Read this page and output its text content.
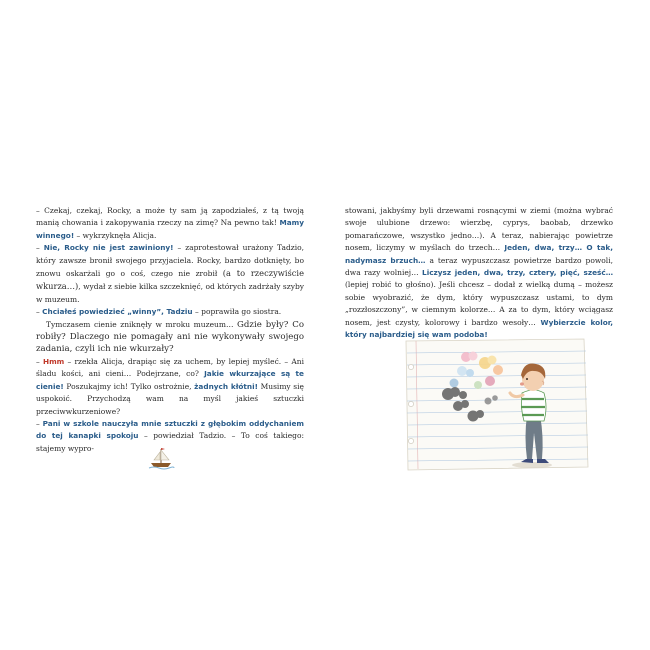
– Czekaj, czekaj, Rocky, a może ty sam ją zapodziałeś, z tą twoją manią chowania i zakopywania rzeczy na zimę? Na pewno tak! Mamy winnego! – wykrzyknęła Alicja.

– Nie, Rocky nie jest zawiniony! – zaprotestował urażony Tadzio, który zawsze bronił swojego przyjaciela. Rocky, bardzo dotknięty, bo znowu oskarżali go o coś, czego nie zrobił (a to rzeczywiście wkurza…), wydał z siebie kilka szczeknięć, od których zadrżały szyby w muzeum.

– Chciałeś powiedzieć „winny”, Tadziu – poprawiła go siostra.

Tymczasem cienie zniknęły w mroku muzeum… Gdzie były? Co robiły? Dlaczego nie pomagały ani nie wykonywały swojego zadania, czyli ich nie wkurzały?

– Hmm – rzekła Alicja, drapiąc się za uchem, by lepiej myśleć. – Ani śladu kości, ani cieni… Podejrzane, co? Jakie wkurzające są te cienie! Poszukajmy ich! Tylko ostrożnie, żadnych kłótni! Musimy się uspokoić. Przychodzą wam na myśl jakieś sztuczki przeciwwkurzeniowe?

– Pani w szkole nauczyła mnie sztuczki z głębokim oddychaniem do tej kanapki spokoju – powiedział Tadzio. – To coś takiego: stajemy wypro-

stowani, jakbyśmy byli drzewami rosnącymi w ziemi (można wybrać swoje ulubione drzewo: wierzbę, cyprys, baobab, drzewko pomarańczowe, wszystko jedno…). A teraz, nabierając powietrze nosem, liczymy w myślach do trzech… Jeden, dwa, trzy… O tak, nadymasz brzuch… a teraz wypuszczasz powietrze bardzo powoli, dwa razy wolniej… Liczysz jeden, dwa, trzy, cztery, pięć, sześć… (lepiej robić to głośno). Jeśli chcesz – dodał z wielką dumą – możesz sobie wyobrazić, że dym, który wypuszczasz ustami, to dym „rozzłoszczony”, w ciemnym kolorze… A za to dym, który wciągasz nosem, jest czysty, kolorowy i bardzo wesoły… Wybierzcie kolor, który najbardziej się wam podoba!
